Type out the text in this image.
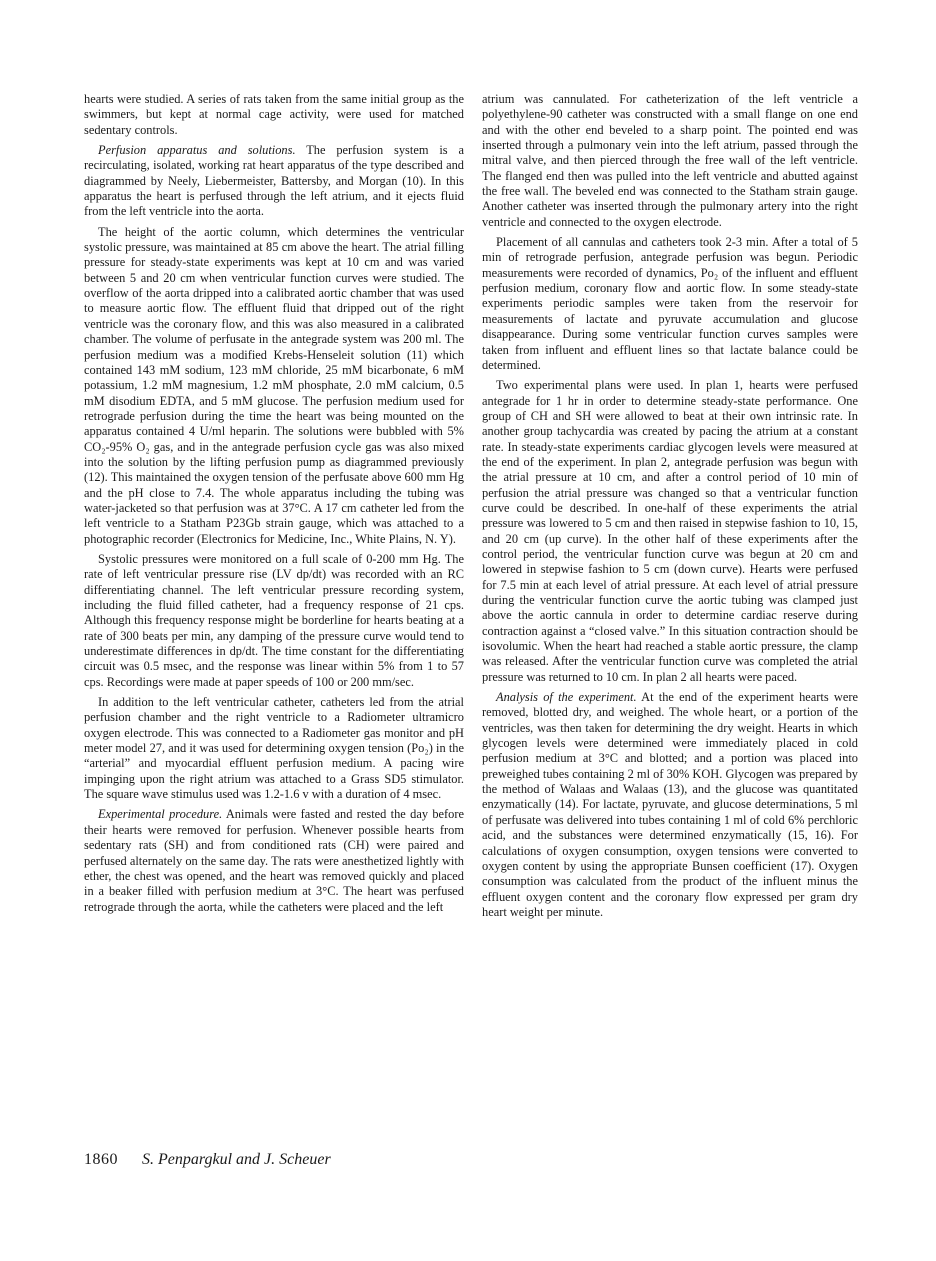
hearts were studied. A series of rats taken from the same initial group as the swimmers, but kept at normal cage activity, were used for matched sedentary controls.

Perfusion apparatus and solutions. The perfusion system is a recirculating, isolated, working rat heart apparatus of the type described and diagrammed by Neely, Liebermeister, Battersby, and Morgan (10). In this apparatus the heart is perfused through the left atrium, and it ejects fluid from the left ventricle into the aorta.

The height of the aortic column, which determines the ventricular systolic pressure, was maintained at 85 cm above the heart. The atrial filling pressure for steady-state experiments was kept at 10 cm and was varied between 5 and 20 cm when ventricular function curves were studied. The overflow of the aorta dripped into a calibrated aortic chamber that was used to measure aortic flow. The effluent fluid that dripped out of the right ventricle was the coronary flow, and this was also measured in a calibrated chamber. The volume of perfusate in the antegrade system was 200 ml. The perfusion medium was a modified Krebs-Henseleit solution (11) which contained 143 mM sodium, 123 mM chloride, 25 mM bicarbonate, 6 mM potassium, 1.2 mM magnesium, 1.2 mM phosphate, 2.0 mM calcium, 0.5 mM disodium EDTA, and 5 mM glucose. The perfusion medium used for retrograde perfusion during the time the heart was being mounted on the apparatus contained 4 U/ml heparin. The solutions were bubbled with 5% CO₂-95% O₂ gas, and in the antegrade perfusion cycle gas was also mixed into the solution by the lifting perfusion pump as diagrammed previously (12). This maintained the oxygen tension of the perfusate above 600 mm Hg and the pH close to 7.4. The whole apparatus including the tubing was water-jacketed so that perfusion was at 37°C. A 17 cm catheter led from the left ventricle to a Statham P23Gb strain gauge, which was attached to a photographic recorder (Electronics for Medicine, Inc., White Plains, N. Y).

Systolic pressures were monitored on a full scale of 0-200 mm Hg. The rate of left ventricular pressure rise (LV dp/dt) was recorded with an RC differentiating channel. The left ventricular pressure recording system, including the fluid filled catheter, had a frequency response of 21 cps. Although this frequency response might be borderline for hearts beating at a rate of 300 beats per min, any damping of the pressure curve would tend to underestimate differences in dp/dt. The time constant for the differentiating circuit was 0.5 msec, and the response was linear within 5% from 1 to 57 cps. Recordings were made at paper speeds of 100 or 200 mm/sec.

In addition to the left ventricular catheter, catheters led from the atrial perfusion chamber and the right ventricle to a Radiometer ultramicro oxygen electrode. This was connected to a Radiometer gas monitor and pH meter model 27, and it was used for determining oxygen tension (Po₂) in the “arterial” and myocardial effluent perfusion medium. A pacing wire impinging upon the right atrium was attached to a Grass SD5 stimulator. The square wave stimulus used was 1.2-1.6 v with a duration of 4 msec.

Experimental procedure. Animals were fasted and rested the day before their hearts were removed for perfusion. Whenever possible hearts from sedentary rats (SH) and from conditioned rats (CH) were paired and perfused alternately on the same day. The rats were anesthetized lightly with ether, the chest was opened, and the heart was removed quickly and placed in a beaker filled with perfusion medium at 3°C. The heart was perfused retrograde through the aorta, while the catheters were placed and the left

atrium was cannulated. For catheterization of the left ventricle a polyethylene-90 catheter was constructed with a small flange on one end and with the other end beveled to a sharp point. The pointed end was inserted through a pulmonary vein into the left atrium, passed through the mitral valve, and then pierced through the free wall of the left ventricle. The flanged end then was pulled into the left ventricle and abutted against the free wall. The beveled end was connected to the Statham strain gauge. Another catheter was inserted through the pulmonary artery into the right ventricle and connected to the oxygen electrode.

Placement of all cannulas and catheters took 2-3 min. After a total of 5 min of retrograde perfusion, antegrade perfusion was begun. Periodic measurements were recorded of dynamics, Po₂ of the influent and effluent perfusion medium, coronary flow and aortic flow. In some steady-state experiments periodic samples were taken from the reservoir for measurements of lactate and pyruvate accumulation and glucose disappearance. During some ventricular function curves samples were taken from influent and effluent lines so that lactate balance could be determined.

Two experimental plans were used. In plan 1, hearts were perfused antegrade for 1 hr in order to determine steady-state performance. One group of CH and SH were allowed to beat at their own intrinsic rate. In another group tachycardia was created by pacing the atrium at a constant rate. In steady-state experiments cardiac glycogen levels were measured at the end of the experiment. In plan 2, antegrade perfusion was begun with the atrial pressure at 10 cm, and after a control period of 10 min of perfusion the atrial pressure was changed so that a ventricular function curve could be described. In one-half of these experiments the atrial pressure was lowered to 5 cm and then raised in stepwise fashion to 10, 15, and 20 cm (up curve). In the other half of these experiments after the control period, the ventricular function curve was begun at 20 cm and lowered in stepwise fashion to 5 cm (down curve). Hearts were perfused for 7.5 min at each level of atrial pressure. At each level of atrial pressure during the ventricular function curve the aortic tubing was clamped just above the aortic cannula in order to determine cardiac reserve during contraction against a “closed valve.” In this situation contraction should be isovolumic. When the heart had reached a stable aortic pressure, the clamp was released. After the ventricular function curve was completed the atrial pressure was returned to 10 cm. In plan 2 all hearts were paced.

Analysis of the experiment. At the end of the experiment hearts were removed, blotted dry, and weighed. The whole heart, or a portion of the ventricles, was then taken for determining the dry weight. Hearts in which glycogen levels were determined were immediately placed in cold perfusion medium at 3°C and blotted; and a portion was placed into preweighed tubes containing 2 ml of 30% KOH. Glycogen was prepared by the method of Walaas and Walaas (13), and the glucose was quantitated enzymatically (14). For lactate, pyruvate, and glucose determinations, 5 ml of perfusate was delivered into tubes containing 1 ml of cold 6% perchloric acid, and the substances were determined enzymatically (15, 16). For calculations of oxygen consumption, oxygen tensions were converted to oxygen content by using the appropriate Bunsen coefficient (17). Oxygen consumption was calculated from the product of the influent minus the effluent oxygen content and the coronary flow expressed per gram dry heart weight per minute.

1860 S. Penpargkul and J. Scheuer
